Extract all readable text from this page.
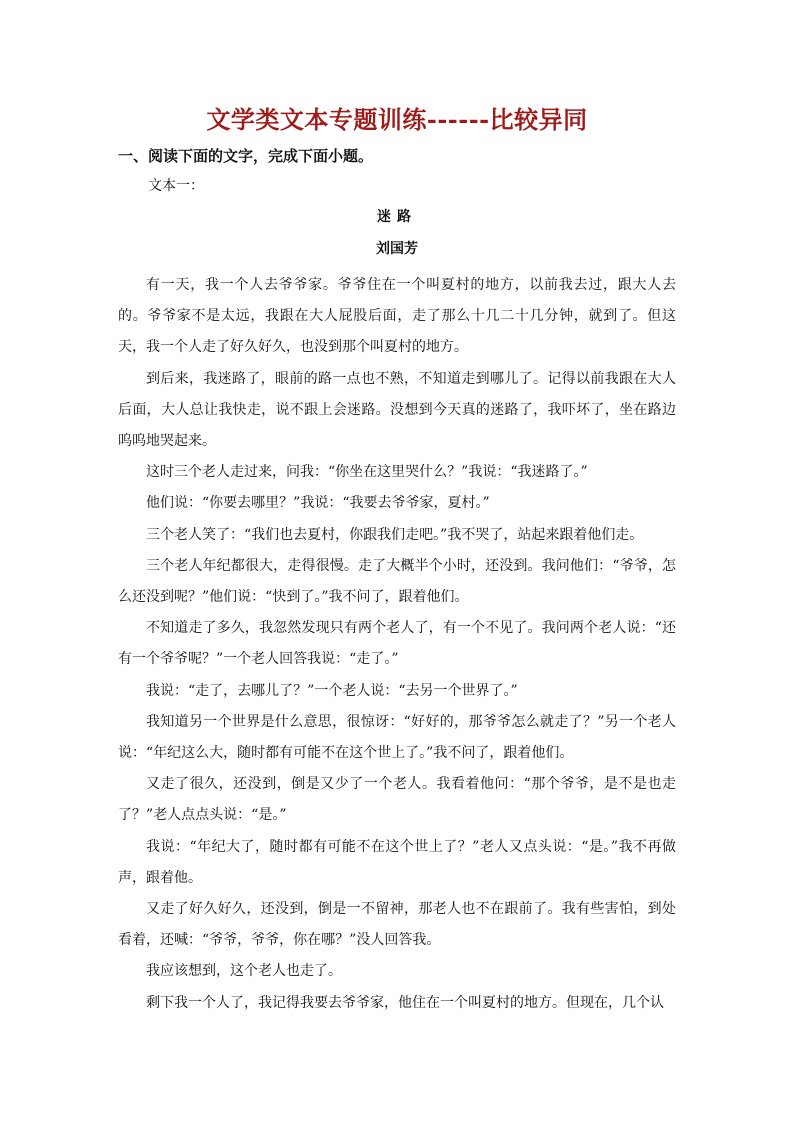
文学类文本专题训练------比较异同

一、阅读下面的文字，完成下面小题。

文本一：

迷路

刘国芳

有一天，我一个人去爷爷家。爷爷住在一个叫夏村的地方，以前我去过，跟大人去的。爷爷家不是太远，我跟在大人屁股后面，走了那么十几二十几分钟，就到了。但这天，我一个人走了好久好久，也没到那个叫夏村的地方。

到后来，我迷路了，眼前的路一点也不熟，不知道走到哪儿了。记得以前我跟在大人后面，大人总让我快走，说不跟上会迷路。没想到今天真的迷路了，我吓坏了，坐在路边呜呜地哭起来。

这时三个老人走过来，问我：“你坐在这里哭什么？”我说：“我迷路了。”

他们说：“你要去哪里？”我说：“我要去爷爷家，夏村。”

三个老人笑了：“我们也去夏村，你跟我们走吧。”我不哭了，站起来跟着他们走。

三个老人年纪都很大，走得很慢。走了大概半个小时，还没到。我问他们：“爷爷，怎么还没到呢？”他们说：“快到了。”我不问了，跟着他们。

不知道走了多久，我忽然发现只有两个老人了，有一个不见了。我问两个老人说：“还有一个爷爷呢？”一个老人回答我说：“走了。”

我说：“走了，去哪儿了？”一个老人说：“去另一个世界了。”

我知道另一个世界是什么意思，很惊讶：“好好的，那爷爷怎么就走了？”另一个老人说：“年纪这么大，随时都有可能不在这个世上了。”我不问了，跟着他们。

又走了很久，还没到，倒是又少了一个老人。我看着他问：“那个爷爷，是不是也走了？”老人点点头说：“是。”

我说：“年纪大了，随时都有可能不在这个世上了？”老人又点头说：“是。”我不再做声，跟着他。

又走了好久好久，还没到，倒是一不留神，那老人也不在跟前了。我有些害怕，到处看着，还喊：“爷爷，爷爷，你在哪？”没人回答我。

我应该想到，这个老人也走了。

剩下我一个人了，我记得我要去爷爷家，他住在一个叫夏村的地方。但现在，几个认
